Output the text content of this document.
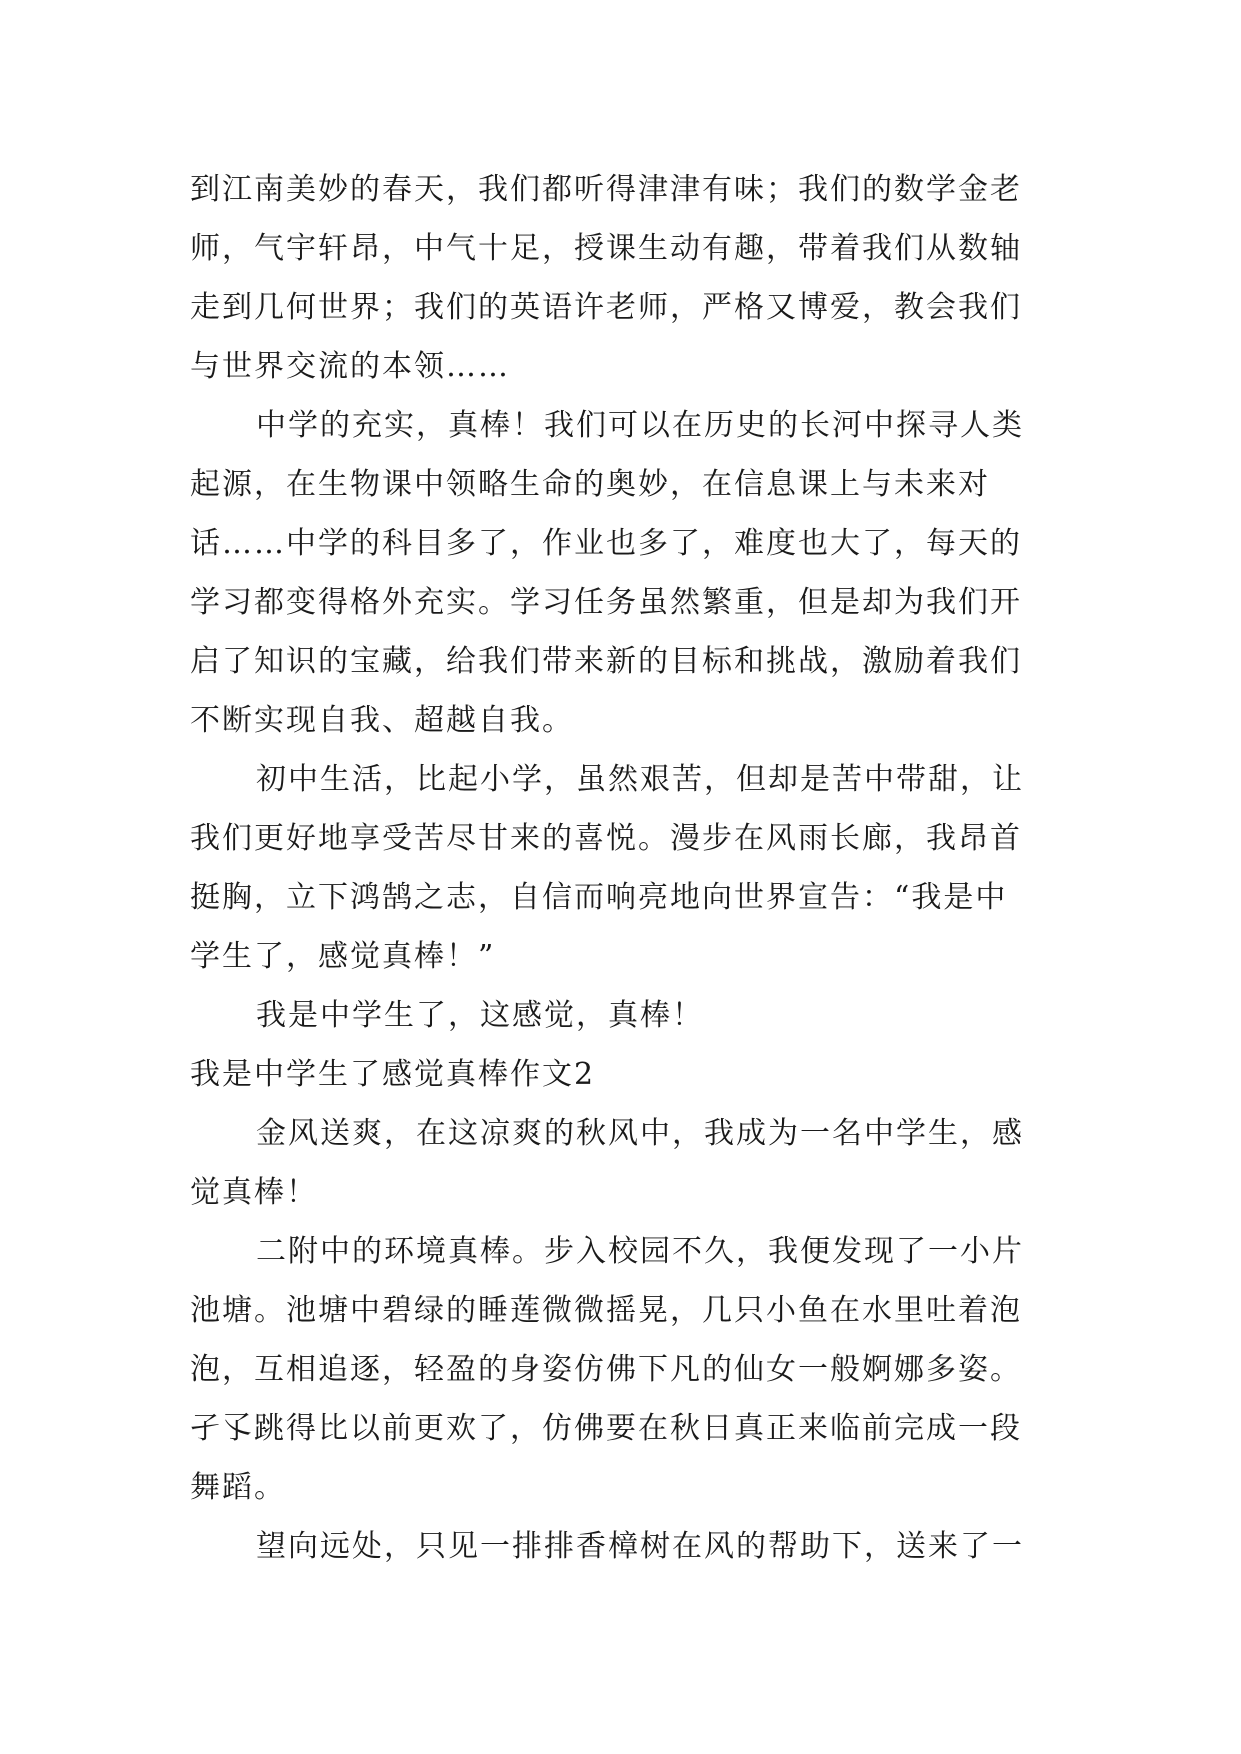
到江南美妙的春天，我们都听得津津有味；我们的数学金老
师，气宇轩昂，中气十足，授课生动有趣，带着我们从数轴
走到几何世界；我们的英语许老师，严格又博爱，教会我们
与世界交流的本领……
中学的充实，真棒！我们可以在历史的长河中探寻人类
起源，在生物课中领略生命的奥妙，在信息课上与未来对
话……中学的科目多了，作业也多了，难度也大了，每天的
学习都变得格外充实。学习任务虽然繁重，但是却为我们开
启了知识的宝藏，给我们带来新的目标和挑战，激励着我们
不断实现自我、超越自我。
初中生活，比起小学，虽然艰苦，但却是苦中带甜，让
我们更好地享受苦尽甘来的喜悦。漫步在风雨长廊，我昂首
挺胸，立下鸿鹄之志，自信而响亮地向世界宣告：“我是中
学生了，感觉真棒！”
我是中学生了，这感觉，真棒！
我是中学生了感觉真棒作文2
金风送爽，在这凉爽的秋风中，我成为一名中学生，感
觉真棒！
二附中的环境真棒。步入校园不久，我便发现了一小片
池塘。池塘中碧绿的睡莲微微摇晃，几只小鱼在水里吐着泡
泡，互相追逐，轻盈的身姿仿佛下凡的仙女一般婀娜多姿。
孑孓跳得比以前更欢了，仿佛要在秋日真正来临前完成一段
舞蹈。
望向远处，只见一排排香樟树在风的帮助下，送来了一
